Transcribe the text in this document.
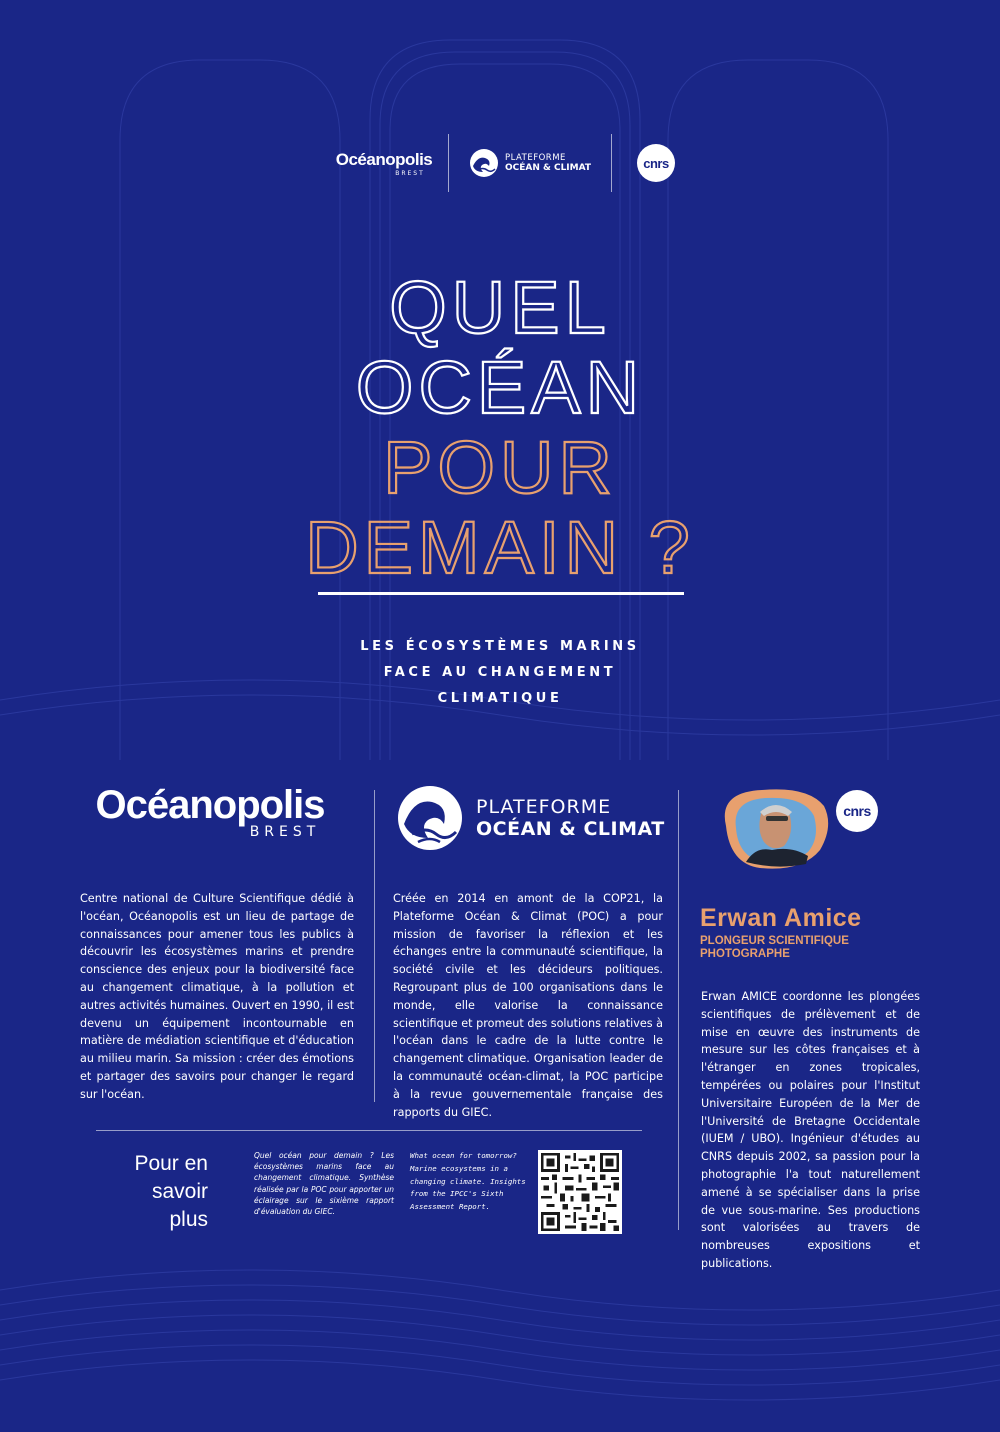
Océanopolis
BREST
PLATEFORME
OCÉAN & CLIMAT	cnrs
QUEL
OCÉAN
POUR
DEMAIN ?
LES ÉCOSYSTÈMES MARINS
FACE AU CHANGEMENT
CLIMATIQUE
Océanopolis
BREST
Centre national de Culture Scientifique dédié à l'océan, Océanopolis est un lieu de partage de connaissances pour amener tous les publics à découvrir les écosystèmes marins et prendre conscience des enjeux pour la biodiversité face au changement climatique, à la pollution et autres activités humaines. Ouvert en 1990, il est devenu un équipement incontournable en matière de médiation scientifique et d'éducation au milieu marin. Sa mission : créer des émotions et partager des savoirs pour changer le regard sur l'océan.
PLATEFORME
OCÉAN & CLIMAT
Créée en 2014 en amont de la COP21, la Plateforme Océan & Climat (POC) a pour mission de favoriser la réflexion et les échanges entre la communauté scientifique, la société civile et les décideurs politiques. Regroupant plus de 100 organisations dans le monde, elle valorise la connaissance scientifique et promeut des solutions relatives à l'océan dans le cadre de la lutte contre le changement climatique. Organisation leader de la communauté océan-climat, la POC participe à la revue gouvernementale française des rapports du GIEC.
cnrs
Erwan Amice
PLONGEUR SCIENTIFIQUE
PHOTOGRAPHE
Erwan AMICE coordonne les plongées scientifiques de prélèvement et de mise en œuvre des instruments de mesure sur les côtes françaises et à l'étranger en zones tropicales, tempérées ou polaires pour l'Institut Universitaire Européen de la Mer de l'Université de Bretagne Occidentale (IUEM / UBO). Ingénieur d'études au CNRS depuis 2002, sa passion pour la photographie l'a tout naturellement amené à se spécialiser dans la prise de vue sous-marine. Ses productions sont valorisées au travers de nombreuses expositions et publications.
Pour en
savoir
plus
Quel océan pour demain ? Les écosystèmes marins face au changement climatique. Synthèse réalisée par la POC pour apporter un éclairage sur le sixième rapport d'évaluation du GIEC.
What ocean for tomorrow? Marine ecosystems in a changing climate. Insights from the IPCC's Sixth Assessment Report.
